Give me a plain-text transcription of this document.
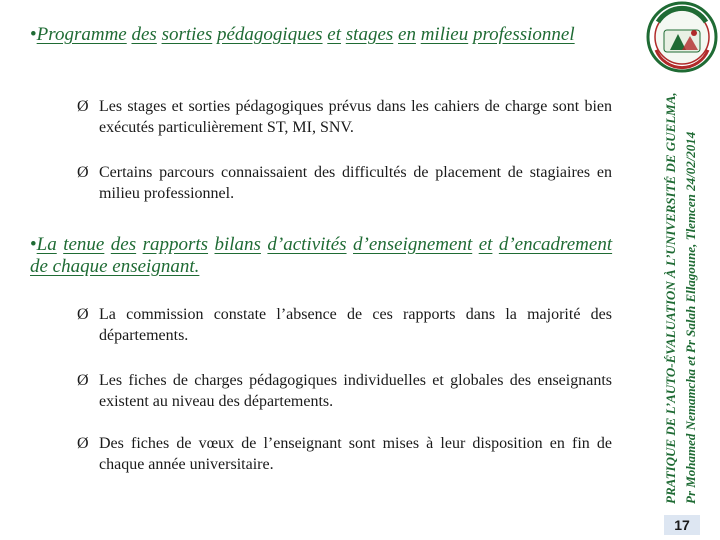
•Programme des sorties pédagogiques et stages en milieu professionnel
Ø Les stages et sorties pédagogiques prévus dans les cahiers de charge sont bien exécutés particulièrement ST, MI, SNV.
Ø Certains parcours connaissaient des difficultés de placement de stagiaires en milieu professionnel.
•La tenue des rapports bilans d’activités d’enseignement et d’encadrement de chaque enseignant.
Ø La commission constate l’absence de ces rapports dans la majorité des départements.
Ø Les fiches de charges pédagogiques individuelles et globales des enseignants existent au niveau des départements.
Ø Des fiches de vœux de l’enseignant sont mises à leur disposition en fin de chaque année universitaire.	PRATIQUE DE L’AUTO-ÉVALUATION À L’UNIVERSITÉ DE GUELMA, Pr Mohamed Nemamcha et Pr Salah Ellagoune, Tlemcen 24/02/2014
17
